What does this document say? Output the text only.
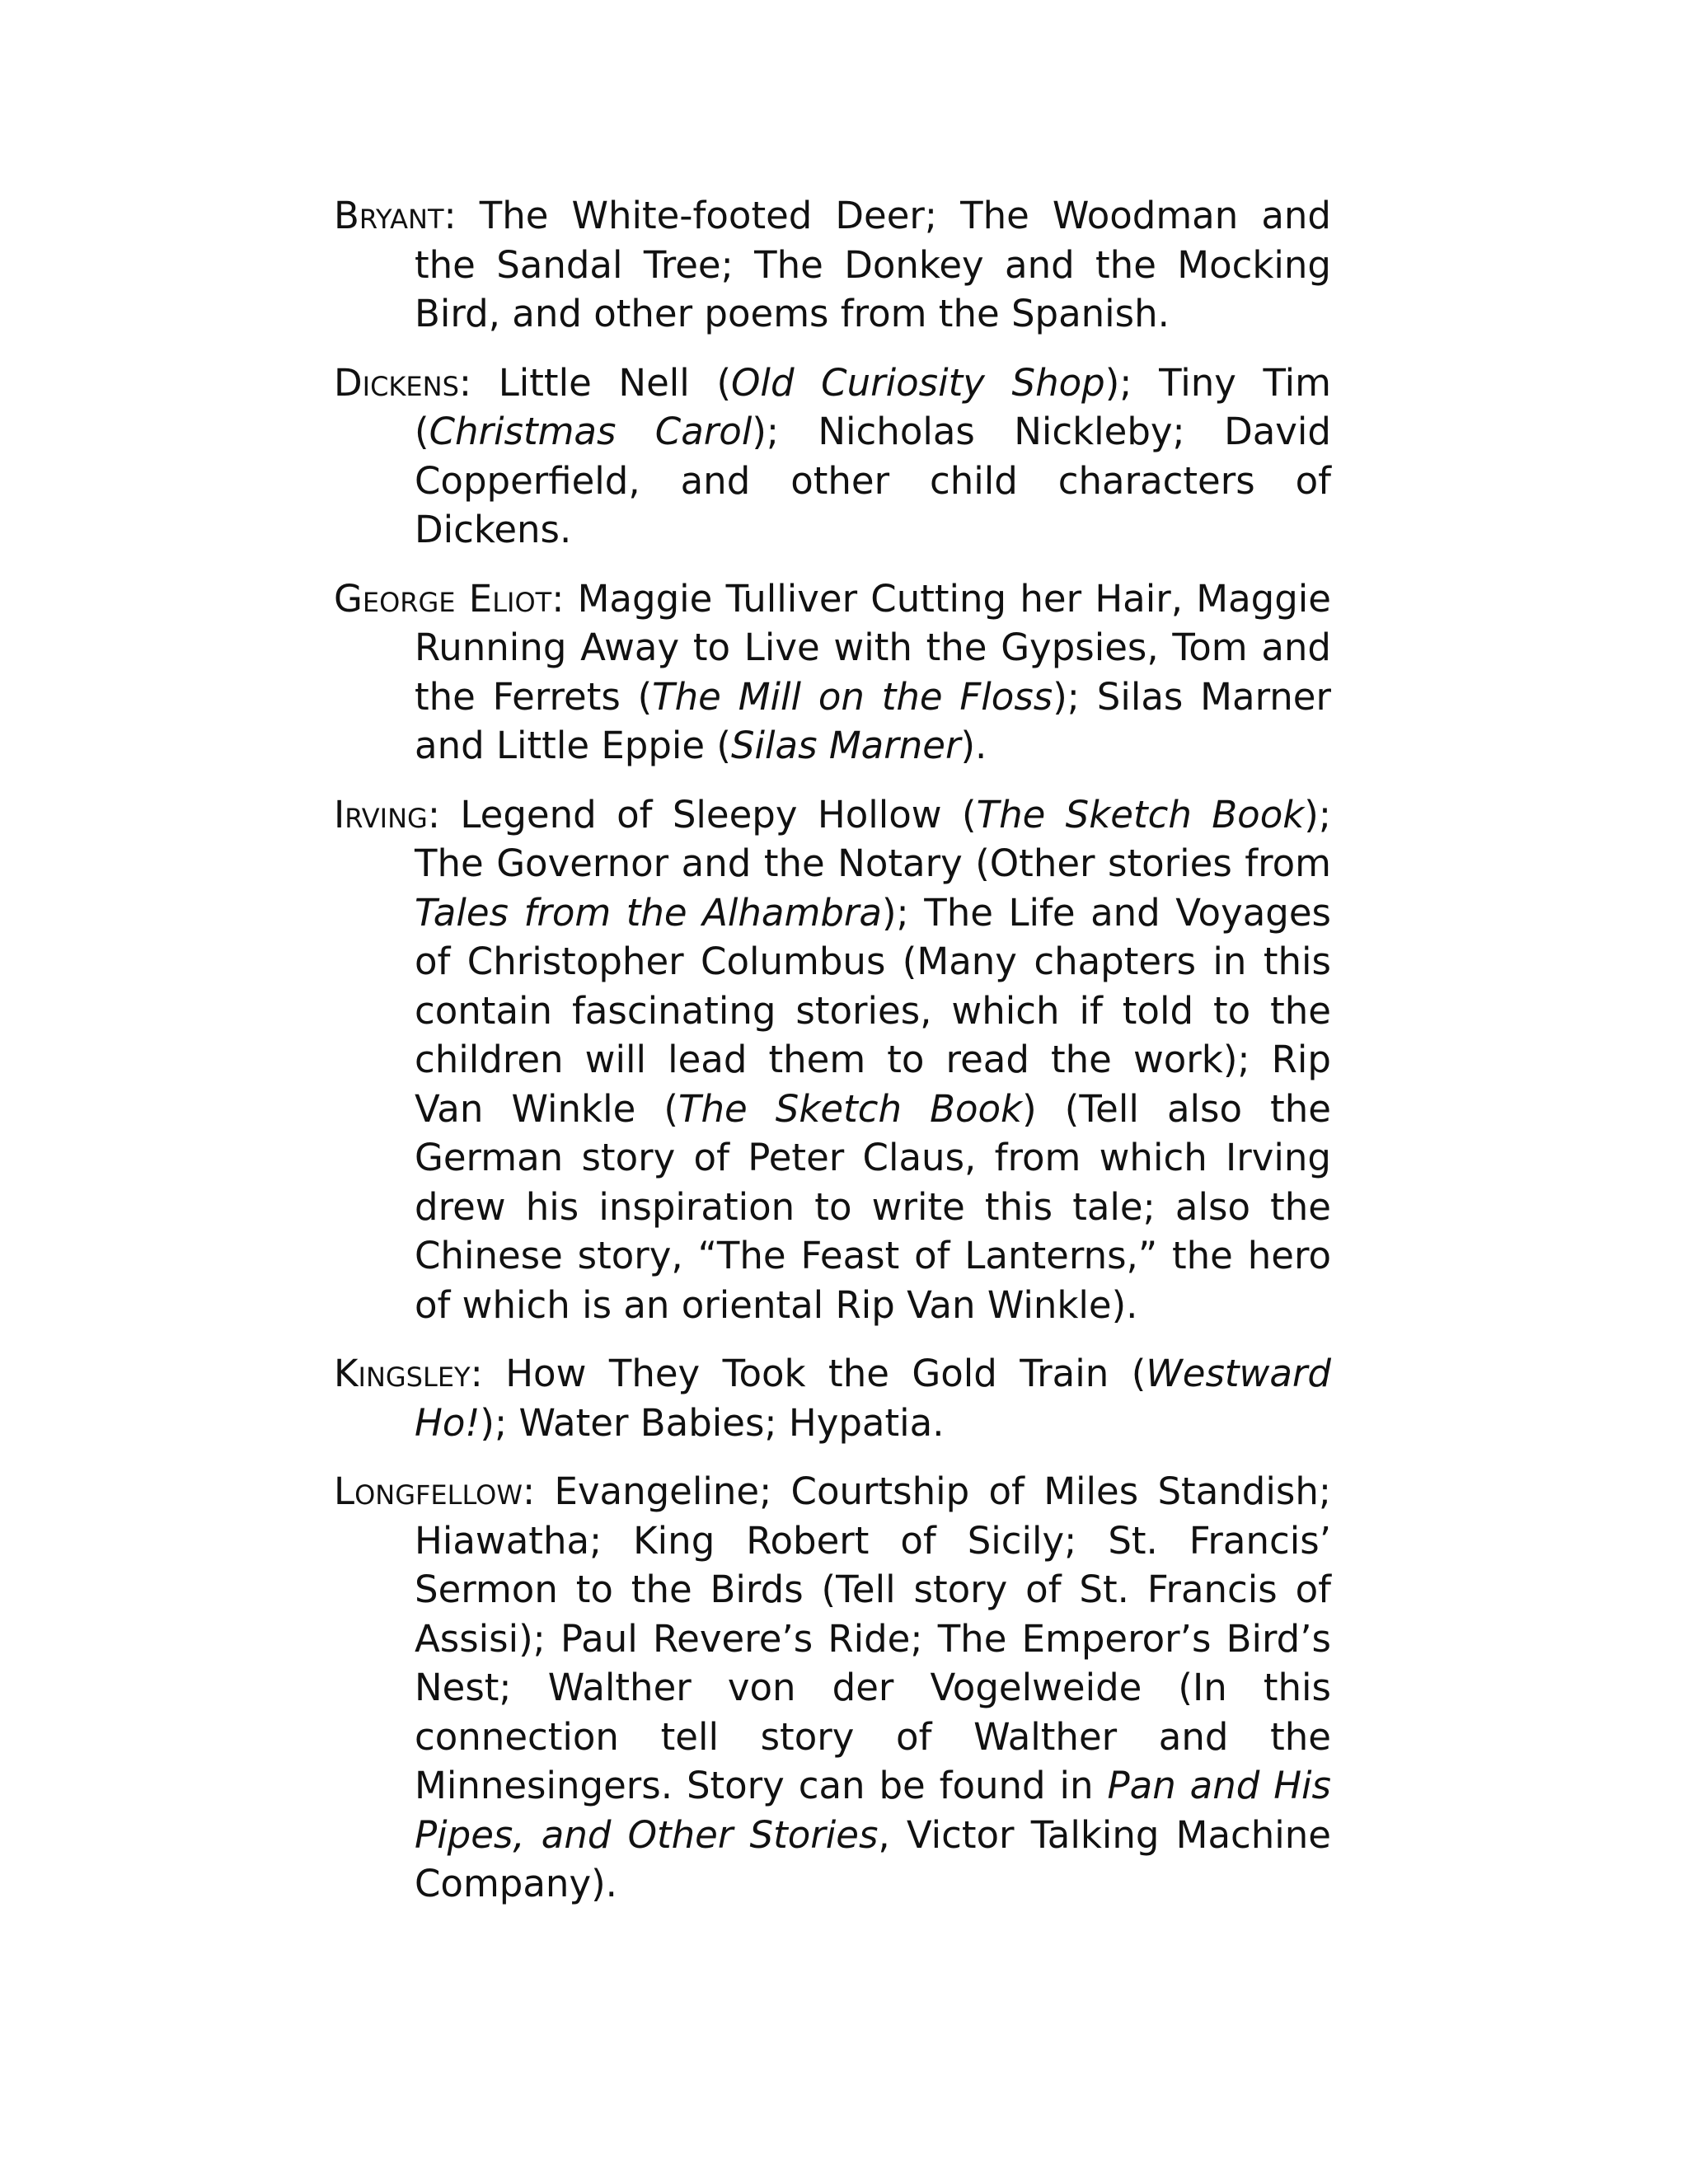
Bryant: The White-footed Deer; The Woodman and the Sandal Tree; The Donkey and the Mocking Bird, and other poems from the Spanish.

Dickens: Little Nell (Old Curiosity Shop); Tiny Tim (Christmas Carol); Nicholas Nickleby; David Copperfield, and other child characters of Dickens.

George Eliot: Maggie Tulliver Cutting her Hair, Maggie Running Away to Live with the Gypsies, Tom and the Ferrets (The Mill on the Floss); Silas Marner and Little Eppie (Silas Marner).

Irving: Legend of Sleepy Hollow (The Sketch Book); The Governor and the Notary (Other stories from Tales from the Alhambra); The Life and Voyages of Christopher Columbus (Many chapters in this contain fascinating stories, which if told to the children will lead them to read the work); Rip Van Winkle (The Sketch Book) (Tell also the German story of Peter Claus, from which Irving drew his inspiration to write this tale; also the Chinese story, “The Feast of Lanterns,” the hero of which is an oriental Rip Van Winkle).

Kingsley: How They Took the Gold Train (Westward Ho!); Water Babies; Hypatia.

Longfellow: Evangeline; Courtship of Miles Standish; Hiawatha; King Robert of Sicily; St. Francis’ Sermon to the Birds (Tell story of St. Francis of Assisi); Paul Revere’s Ride; The Emperor’s Bird’s Nest; Walther von der Vogelweide (In this connection tell story of Walther and the Minnesingers. Story can be found in Pan and His Pipes, and Other Stories, Victor Talking Machine Company).
